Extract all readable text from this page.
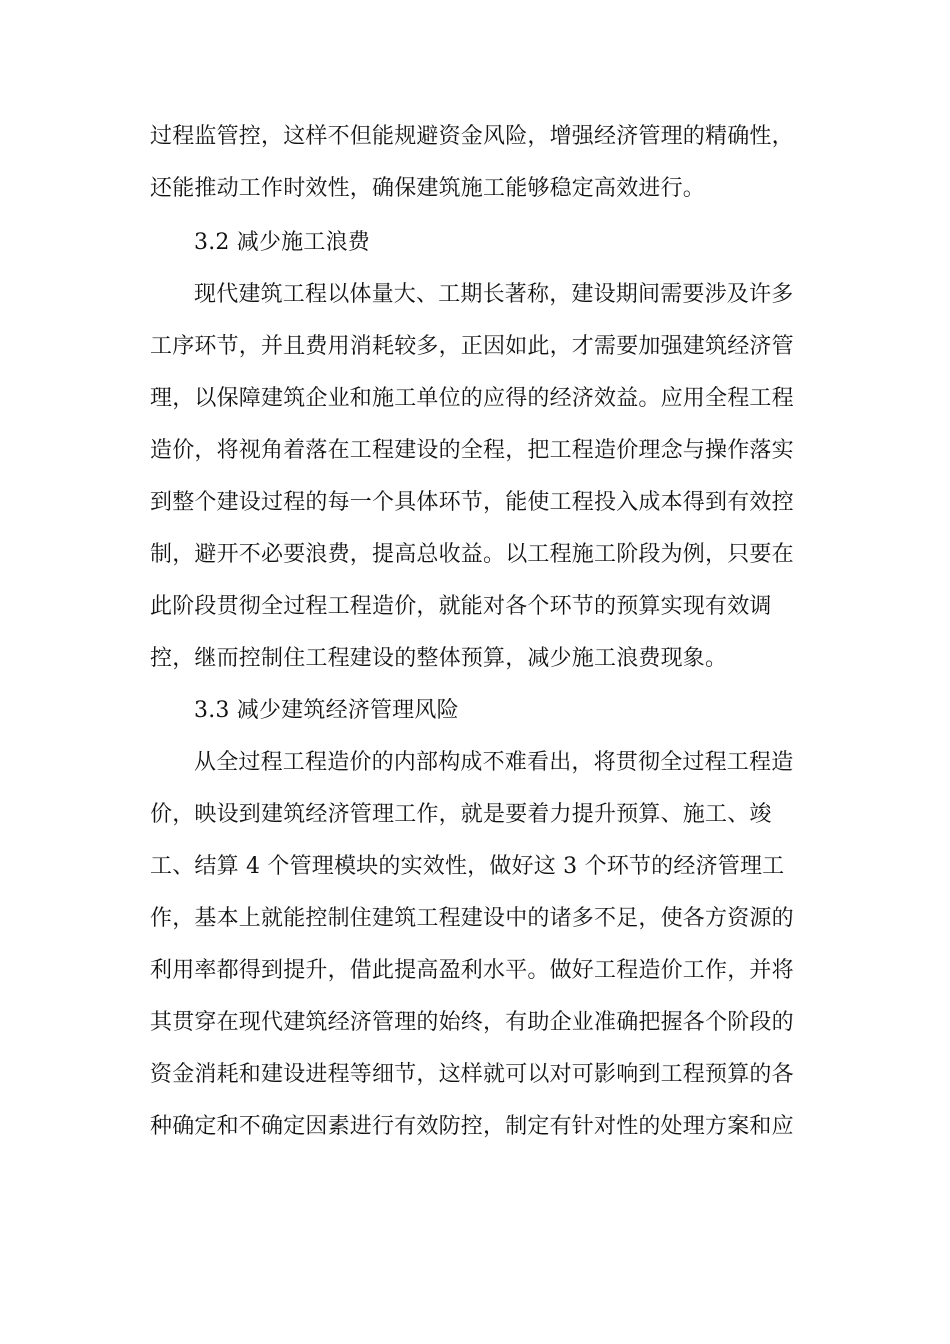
过程监管控，这样不但能规避资金风险，增强经济管理的精确性，
还能推动工作时效性，确保建筑施工能够稳定高效进行。
3.2 减少施工浪费
现代建筑工程以体量大、工期长著称，建设期间需要涉及许多
工序环节，并且费用消耗较多，正因如此，才需要加强建筑经济管
理，以保障建筑企业和施工单位的应得的经济效益。应用全程工程
造价，将视角着落在工程建设的全程，把工程造价理念与操作落实
到整个建设过程的每一个具体环节，能使工程投入成本得到有效控
制，避开不必要浪费，提高总收益。以工程施工阶段为例，只要在
此阶段贯彻全过程工程造价，就能对各个环节的预算实现有效调
控，继而控制住工程建设的整体预算，减少施工浪费现象。
3.3 减少建筑经济管理风险
从全过程工程造价的内部构成不难看出，将贯彻全过程工程造
价，映设到建筑经济管理工作，就是要着力提升预算、施工、竣
工、结算 4 个管理模块的实效性，做好这 3 个环节的经济管理工
作，基本上就能控制住建筑工程建设中的诸多不足，使各方资源的
利用率都得到提升，借此提高盈利水平。做好工程造价工作，并将
其贯穿在现代建筑经济管理的始终，有助企业准确把握各个阶段的
资金消耗和建设进程等细节，这样就可以对可影响到工程预算的各
种确定和不确定因素进行有效防控，制定有针对性的处理方案和应
